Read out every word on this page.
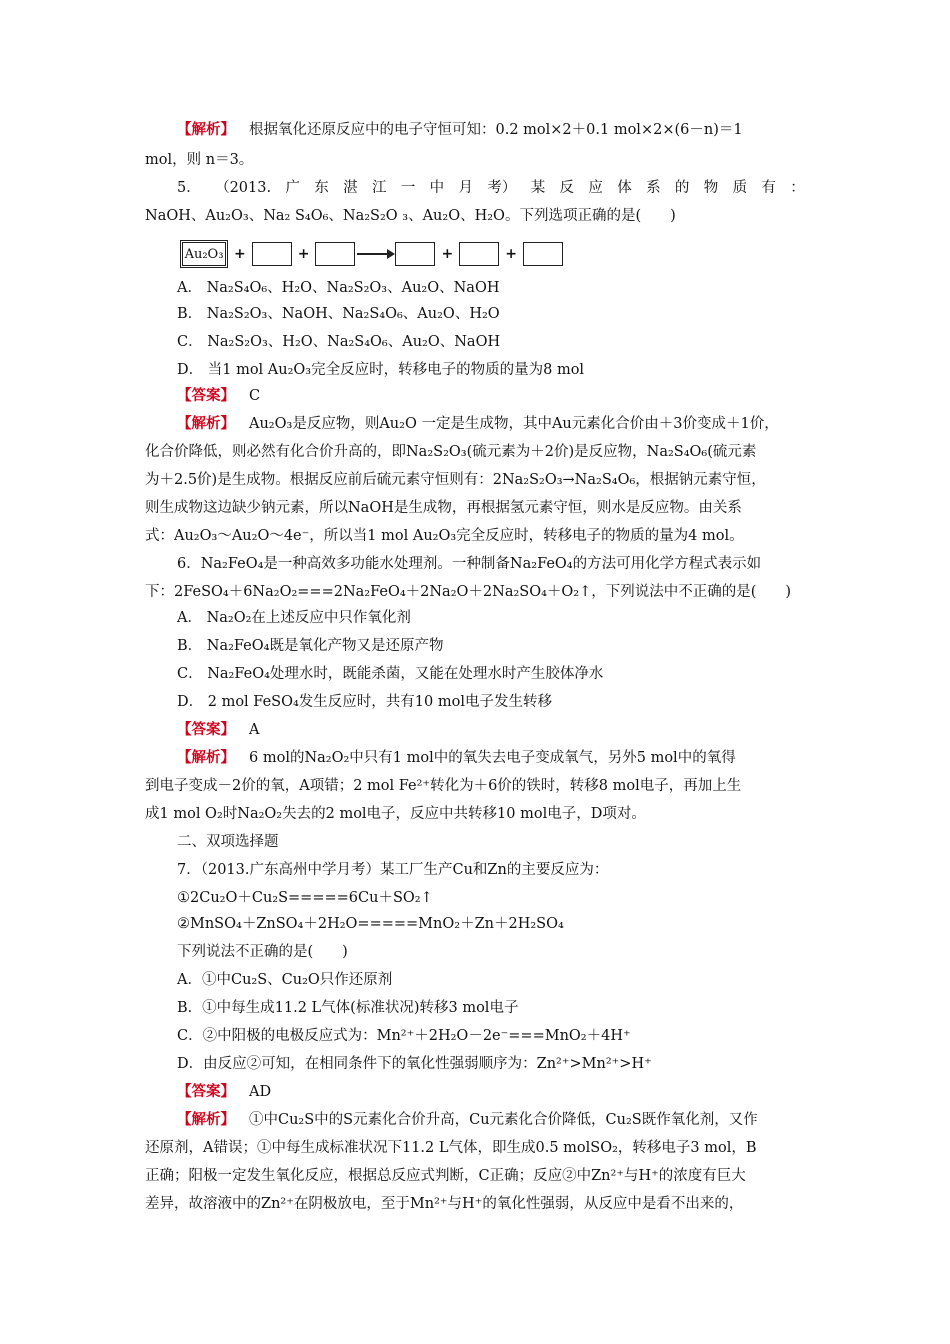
【 解析 】 根据氧化还原反应中的电子守恒可知：0.2 mol×2＋0.1 mol×2×(6－n)＝1
mol，则 n＝3。
5． （2013. 广 东 湛 江 一 中 月 考） 某 反 应 体 系 的 物 质 有 ：
NaOH、Au₂O₃、Na₂ S₄O₆、Na₂S₂O ₃、Au₂O、H₂O。下列选项正确的是(　　)
Au₂O₃ +	+	+	+
A． Na₂S₄O₆、H₂O、Na₂S₂O₃、Au₂O、NaOH
B． Na₂S₂O₃、NaOH、Na₂S₄O₆、Au₂O、H₂O
C． Na₂S₂O₃、H₂O、Na₂S₄O₆、Au₂O、NaOH
D． 当1 mol Au₂O₃完全反应时，转移电子的物质的量为8 mol
【 答案 】 C
【 解析 】 Au₂O₃是反应物，则Au₂O 一定是生成物，其中Au元素化合价由＋3价变成＋1价，
化合价降低，则必然有化合价升高的，即Na₂S₂O₃(硫元素为＋2价)是反应物，Na₂S₄O₆(硫元素
为＋2.5价)是生成物。根据反应前后硫元素守恒则有：2Na₂S₂O₃→Na₂S₄O₆，根据钠元素守恒，
则生成物这边缺少钠元素，所以NaOH是生成物，再根据氢元素守恒，则水是反应物。由关系
式：Au₂O₃～Au₂O～4e⁻，所以当1 mol Au₂O₃完全反应时，转移电子的物质的量为4 mol。
6．Na₂FeO₄是一种高效多功能水处理剂。一种制备Na₂FeO₄的方法可用化学方程式表示如
下：2FeSO₄＋6Na₂O₂===2Na₂FeO₄＋2Na₂O＋2Na₂SO₄＋O₂↑，下列说法中不正确的是(　　)
A． Na₂O₂在上述反应中只作氧化剂
B． Na₂FeO₄既是氧化产物又是还原产物
C． Na₂FeO₄处理水时，既能杀菌，又能在处理水时产生胶体净水
D． 2 mol FeSO₄发生反应时，共有10 mol电子发生转移
【 答案 】 A
【 解析 】 6 mol的Na₂O₂中只有1 mol中的氧失去电子变成氧气，另外5 mol中的氧得
到电子变成－2价的氧，A项错；2 mol Fe²⁺转化为＋6价的铁时，转移8 mol电子，再加上生
成1 mol O₂时Na₂O₂失去的2 mol电子，反应中共转移10 mol电子，D项对。
二、双项选择题
7．（2013.广东高州中学月考）某工厂生产Cu和Zn的主要反应为：
①2Cu₂O＋Cu₂S=====6Cu＋SO₂↑
②MnSO₄＋ZnSO₄＋2H₂O=====MnO₂＋Zn＋2H₂SO₄
下列说法不正确的是(　　)
A．①中Cu₂S、Cu₂O只作还原剂
B．①中每生成11.2 L气体(标准状况)转移3 mol电子
C．②中阳极的电极反应式为：Mn²⁺＋2H₂O－2e⁻===MnO₂＋4H⁺
D．由反应②可知，在相同条件下的氧化性强弱顺序为：Zn²⁺>Mn²⁺>H⁺
【 答案 】 AD
【 解析 】 ①中Cu₂S中的S元素化合价升高，Cu元素化合价降低，Cu₂S既作氧化剂，又作
还原剂，A错误；①中每生成标准状况下11.2 L气体，即生成0.5 molSO₂，转移电子3 mol，B
正确；阳极一定发生氧化反应，根据总反应式判断，C正确；反应②中Zn²⁺与H⁺的浓度有巨大
差异，故溶液中的Zn²⁺在阴极放电，至于Mn²⁺与H⁺的氧化性强弱，从反应中是看不出来的，
